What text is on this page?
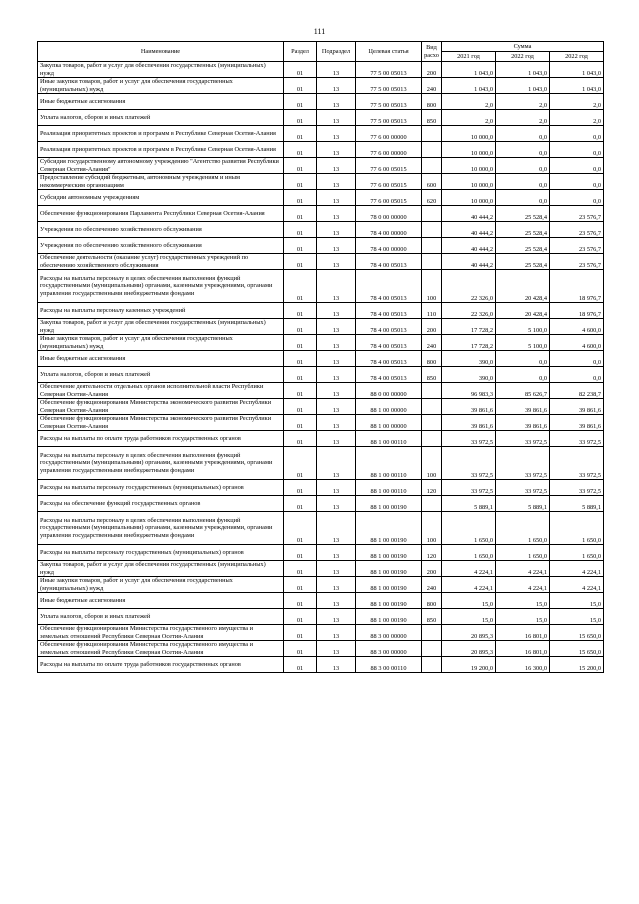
111
Наименование	Раздел	Подраздел	Целевая статья	Вид расхо	Сумма		
					2021 год	2022 год	2022 год
Закупка товаров, работ и услуг для обеспечения государственных (муниципальных) нужд	01	13	77 5 00 05013	200	1 043,0	1 043,0	1 043,0
Иные закупки товаров, работ и услуг для обеспечения государственных (муниципальных) нужд	01	13	77 5 00 05013	240	1 043,0	1 043,0	1 043,0
Иные бюджетные ассигнования	01	13	77 5 00 05013	800	2,0	2,0	2,0
Уплата налогов, сборов и иных платежей	01	13	77 5 00 05013	850	2,0	2,0	2,0
Реализация приоритетных проектов и программ в Республике Северная Осетия-Алания	01	13	77 6 00 00000		10 000,0	0,0	0,0
Реализация приоритетных проектов и программ в Республике Северная Осетия-Алания	01	13	77 6 00 00000		10 000,0	0,0	0,0
Субсидия государственному автономному учреждению "Агентство развития Республики Северная Осетия-Алания"	01	13	77 6 00 05015		10 000,0	0,0	0,0
Предоставление субсидий бюджетным, автономным учреждениям и иным некоммерческим организациям	01	13	77 6 00 05015	600	10 000,0	0,0	0,0
Субсидии автономным учреждениям	01	13	77 6 00 05015	620	10 000,0	0,0	0,0
Обеспечение функционирования Парламента Республики Северная Осетия-Алания	01	13	78 0 00 00000		40 444,2	25 528,4	23 576,7
Учреждения по обеспечению хозяйственного обслуживания	01	13	78 4 00 00000		40 444,2	25 528,4	23 576,7
Учреждения по обеспечению хозяйственного обслуживания	01	13	78 4 00 00000		40 444,2	25 528,4	23 576,7
Обеспечение деятельности (оказание услуг) государственных учреждений по обеспечению хозяйственного обслуживания	01	13	78 4 00 05013		40 444,2	25 528,4	23 576,7
Расходы на выплаты персоналу в целях обеспечения выполнения функций государственными (муниципальными) органами, казенными учреждениями, органами управления государственными внебюджетными фондами	01	13	78 4 00 05013	100	22 326,0	20 428,4	18 976,7
Расходы на выплаты персоналу казенных учреждений	01	13	78 4 00 05013	110	22 326,0	20 428,4	18 976,7
Закупка товаров, работ и услуг для обеспечения государственных (муниципальных) нужд	01	13	78 4 00 05013	200	17 728,2	5 100,0	4 600,0
Иные закупки товаров, работ и услуг для обеспечения государственных (муниципальных) нужд	01	13	78 4 00 05013	240	17 728,2	5 100,0	4 600,0
Иные бюджетные ассигнования	01	13	78 4 00 05013	800	390,0	0,0	0,0
Уплата налогов, сборов и иных платежей	01	13	78 4 00 05013	850	390,0	0,0	0,0
Обеспечение деятельности отдельных органов исполнительной власти Республики Северная Осетия-Алания	01	13	88 0 00 00000		96 983,3	85 626,7	82 238,7
Обеспечение функционирования Министерства экономического развития Республики Северная Осетия-Алания	01	13	88 1 00 00000		39 861,6	39 861,6	39 861,6
Обеспечение функционирования Министерства экономического развития Республики Северная Осетия-Алания	01	13	88 1 00 00000		39 861,6	39 861,6	39 861,6
Расходы на выплаты по оплате труда работников государственных органов	01	13	88 1 00 00110		33 972,5	33 972,5	33 972,5
Расходы на выплаты персоналу в целях обеспечения выполнения функций государственными (муниципальными) органами, казенными учреждениями, органами управления государственными внебюджетными фондами	01	13	88 1 00 00110	100	33 972,5	33 972,5	33 972,5
Расходы на выплаты персоналу государственных (муниципальных) органов	01	13	88 1 00 00110	120	33 972,5	33 972,5	33 972,5
Расходы на обеспечение функций государственных органов	01	13	88 1 00 00190		5 889,1	5 889,1	5 889,1
Расходы на выплаты персоналу в целях обеспечения выполнения функций государственными (муниципальными) органами, казенными учреждениями, органами управления государственными внебюджетными фондами	01	13	88 1 00 00190	100	1 650,0	1 650,0	1 650,0
Расходы на выплаты персоналу государственных (муниципальных) органов	01	13	88 1 00 00190	120	1 650,0	1 650,0	1 650,0
Закупка товаров, работ и услуг для обеспечения государственных (муниципальных) нужд	01	13	88 1 00 00190	200	4 224,1	4 224,1	4 224,1
Иные закупки товаров, работ и услуг для обеспечения государственных (муниципальных) нужд	01	13	88 1 00 00190	240	4 224,1	4 224,1	4 224,1
Иные бюджетные ассигнования	01	13	88 1 00 00190	800	15,0	15,0	15,0
Уплата налогов, сборов и иных платежей	01	13	88 1 00 00190	850	15,0	15,0	15,0
Обеспечение функционирования Министерства государственного имущества и земельных отношений Республики Северная Осетия-Алания	01	13	88 3 00 00000		20 895,3	16 801,0	15 650,0
Обеспечение функционирования Министерства государственного имущества и земельных отношений Республики Северная Осетия-Алания	01	13	88 3 00 00000		20 895,3	16 801,0	15 650,0
Расходы на выплаты по оплате труда работников государственных органов	01	13	88 3 00 00110		19 200,0	16 300,0	15 200,0
